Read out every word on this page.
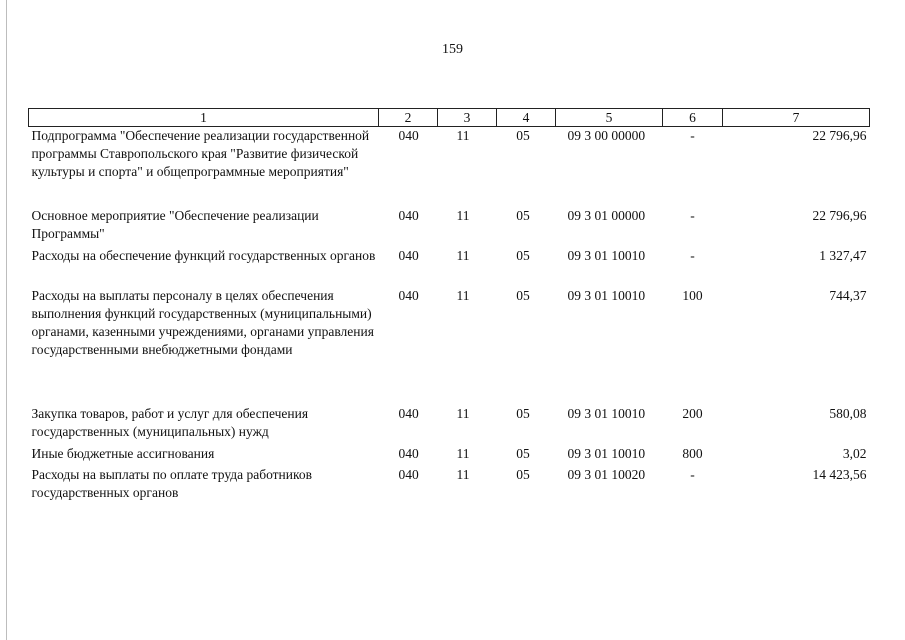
159
1	2	3	4	5	6	7
Подпрограмма "Обеспечение реализации государственной программы Ставропольского края "Развитие физической культуры и спорта" и общепрограммные мероприятия"	040	11	05	09 3 00 00000	-	22 796,96
Основное мероприятие "Обеспечение реализации Программы"	040	11	05	09 3 01 00000	-	22 796,96
Расходы на обеспечение функций государственных органов	040	11	05	09 3 01 10010	-	1 327,47
Расходы на выплаты персоналу в целях обеспечения выполнения функций государственных (муниципальными) органами, казенными учреждениями, органами управления государственными внебюджетными фондами	040	11	05	09 3 01 10010	100	744,37
Закупка товаров, работ и услуг для обеспечения государственных (муниципальных) нужд	040	11	05	09 3 01 10010	200	580,08
Иные бюджетные ассигнования	040	11	05	09 3 01 10010	800	3,02
Расходы на выплаты по оплате труда работников государственных органов	040	11	05	09 3 01 10020	-	14 423,56
